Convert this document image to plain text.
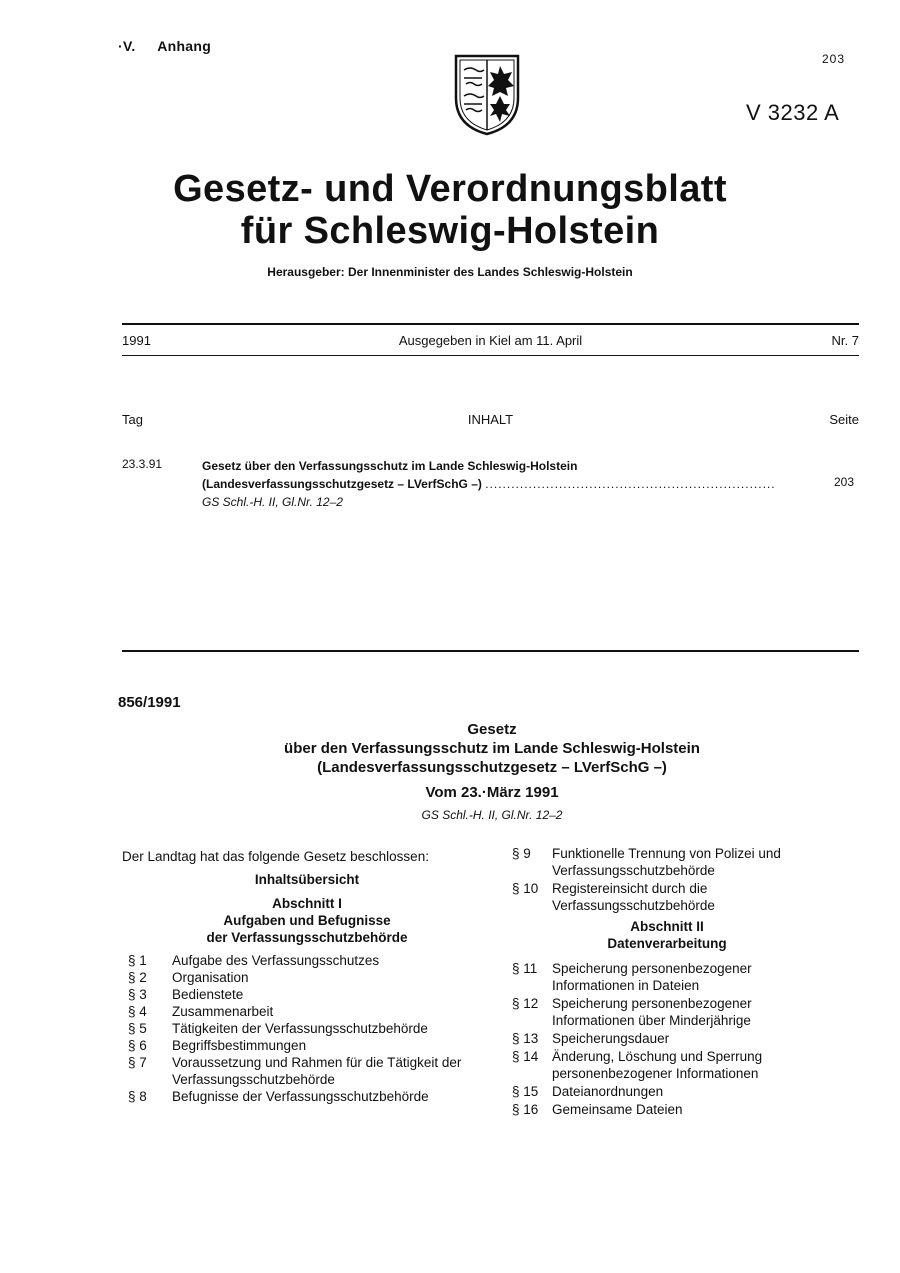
·V. Anhang
203
V 3232 A
Gesetz- und Verordnungsblatt
für Schleswig-Holstein
Herausgeber: Der Innenminister des Landes Schleswig-Holstein
1991	Ausgegeben in Kiel am 11. April	Nr. 7
Tag	INHALT	Seite
23.3.91	Gesetz über den Verfassungsschutz im Lande Schleswig-Holstein
(Landesverfassungsschutzgesetz – LVerfSchG –) ...................................................................
GS Schl.-H. II, Gl.Nr. 12–2
203
856/1991
Gesetz
über den Verfassungsschutz im Lande Schleswig-Holstein
(Landesverfassungsschutzgesetz – LVerfSchG –)
Vom 23.·März 1991
GS Schl.-H. II, Gl.Nr. 12–2
Der Landtag hat das folgende Gesetz beschlossen:
Inhaltsübersicht
Abschnitt I
Aufgaben und Befugnisse
der Verfassungsschutzbehörde
§ 1	Aufgabe des Verfassungsschutzes
§ 2	Organisation
§ 3	Bedienstete
§ 4	Zusammenarbeit
§ 5	Tätigkeiten der Verfassungsschutzbehörde
§ 6	Begriffsbestimmungen
§ 7	Voraussetzung und Rahmen für die Tätigkeit der Verfassungsschutzbehörde
§ 8	Befugnisse der Verfassungsschutzbehörde
§ 9	Funktionelle Trennung von Polizei und Verfassungsschutzbehörde
§ 10	Registereinsicht durch die Verfassungsschutzbehörde
Abschnitt II
Datenverarbeitung
§ 11	Speicherung personenbezogener Informationen in Dateien
§ 12	Speicherung personenbezogener Informationen über Minderjährige
§ 13	Speicherungsdauer
§ 14	Änderung, Löschung und Sperrung personenbezogener Informationen
§ 15	Dateianordnungen
§ 16	Gemeinsame Dateien
